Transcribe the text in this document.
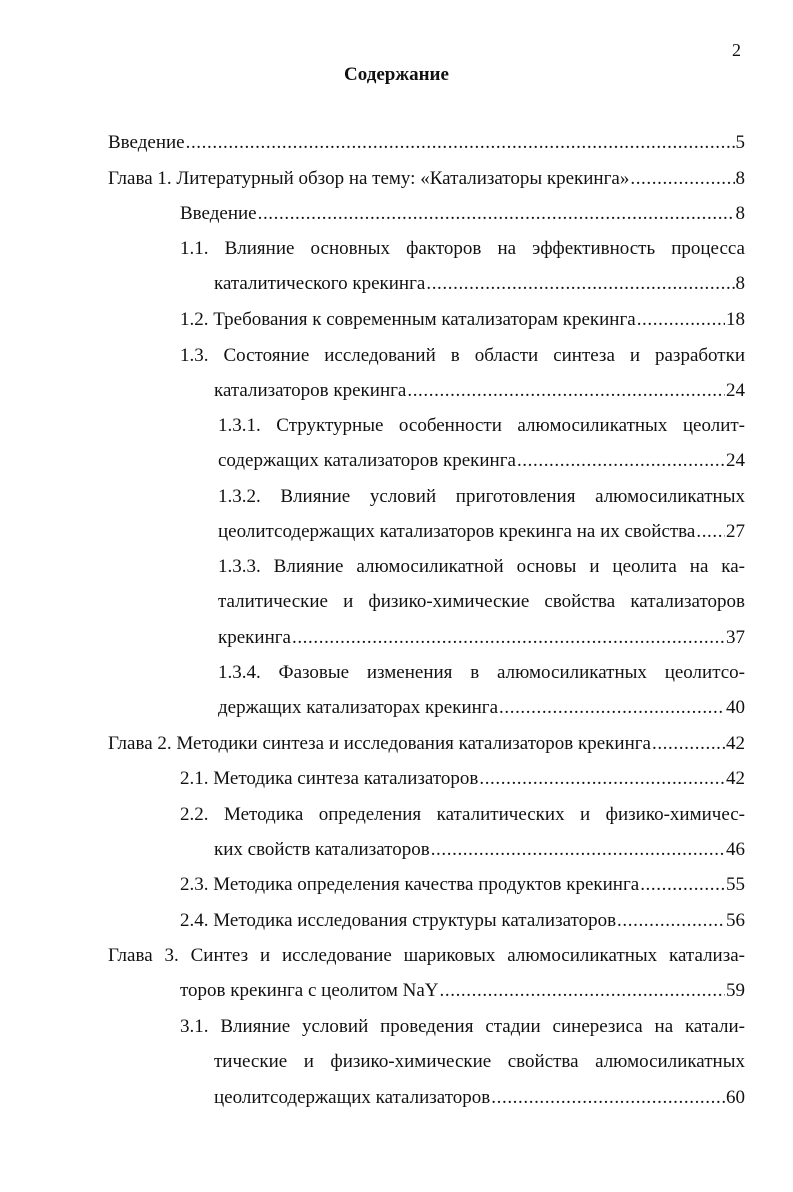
2
Содержание
Введение .....	5
Глава 1. Литературный обзор на тему: «Катализаторы крекинга» .....	8
Введение .....	8
1.1. Влияние основных факторов на эффективность процесса
каталитического крекинга .....	8
1.2. Требования к современным катализаторам крекинга .....	18
1.3. Состояние исследований в области синтеза и разработки
катализаторов крекинга .....	24
1.3.1. Структурные особенности алюмосиликатных цеолит-
содержащих катализаторов крекинга .....	24
1.3.2. Влияние условий приготовления алюмосиликатных
цеолитсодержащих катализаторов крекинга на их свойства ..... 27
1.3.3. Влияние алюмосиликатной основы и цеолита на ка-
талитические и физико-химические свойства катализаторов
крекинга .....	37
1.3.4. Фазовые изменения в алюмосиликатных цеолитсо-
держащих катализаторах крекинга .....	40
Глава 2. Методики синтеза и исследования катализаторов крекинга .....	42
2.1. Методика синтеза катализаторов .....	42
2.2. Методика определения каталитических и физико-химичес-
ких свойств катализаторов .....	46
2.3. Методика определения качества продуктов крекинга .....	55
2.4. Методика исследования структуры катализаторов .....	56
Глава 3. Синтез и исследование шариковых алюмосиликатных катализа-
торов крекинга с цеолитом NaY .....	59
3.1. Влияние условий проведения стадии синерезиса на катали-
тические и физико-химические свойства алюмосиликатных
цеолитсодержащих катализаторов .....	60
